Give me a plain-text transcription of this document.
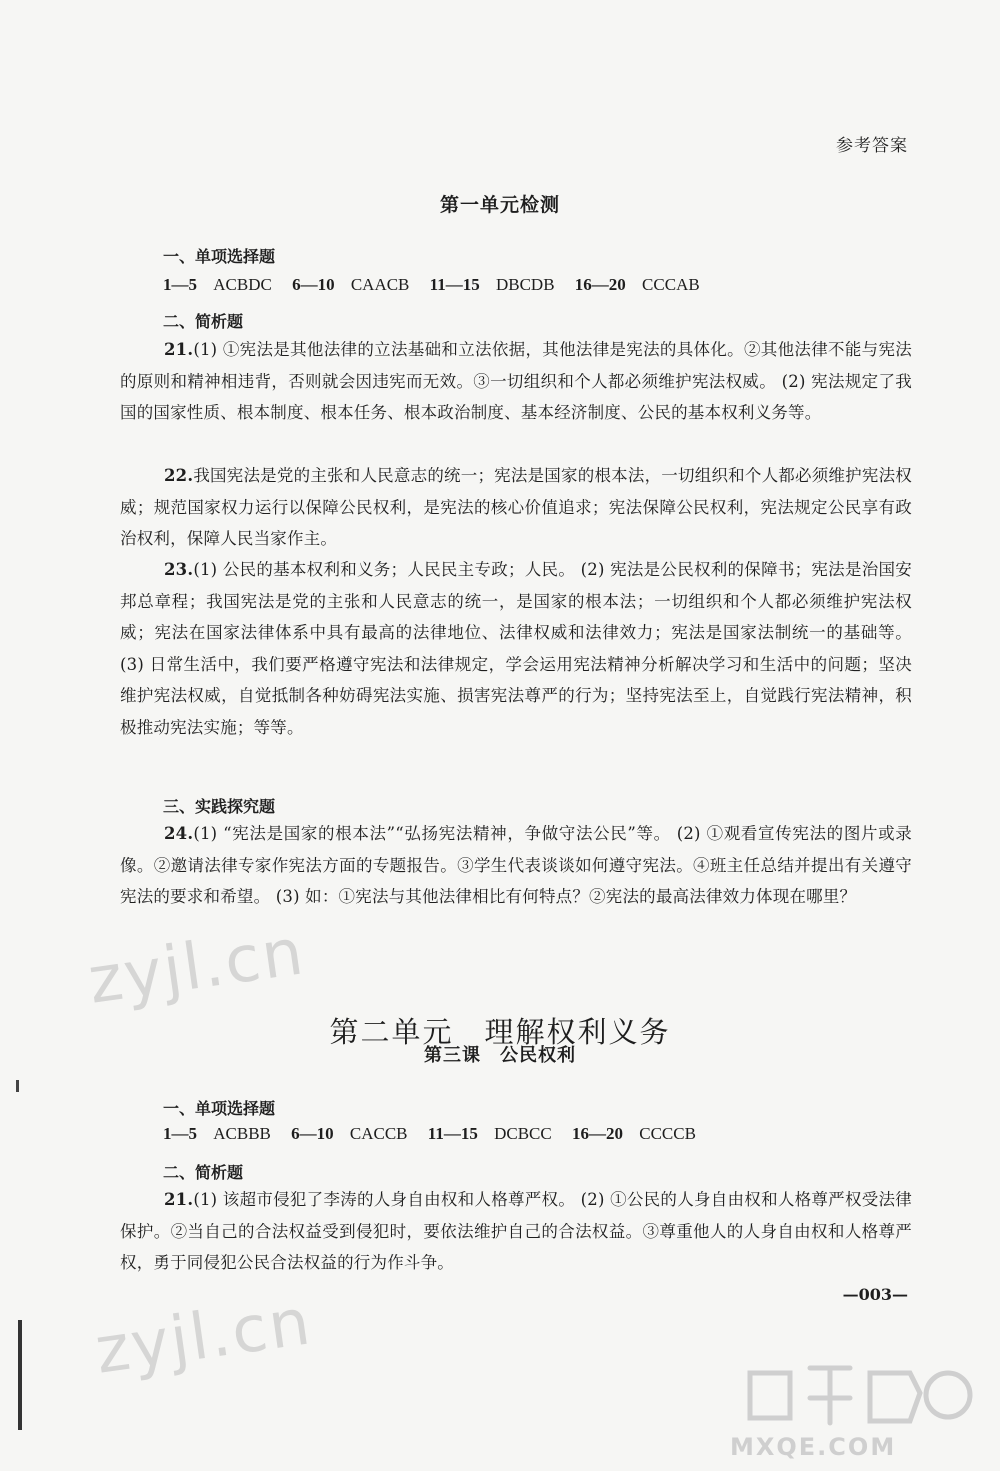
参考答案
第一单元检测
一、单项选择题
1—5 ACBDC 6—10 CAACB 11—15 DBCDB 16—20 CCCAB
二、简析题
21.(1) ①宪法是其他法律的立法基础和立法依据，其他法律是宪法的具体化。②其他法律不能与宪法的原则和精神相违背，否则就会因违宪而无效。③一切组织和个人都必须维护宪法权威。 (2) 宪法规定了我国的国家性质、根本制度、根本任务、根本政治制度、基本经济制度、公民的基本权利义务等。
22.我国宪法是党的主张和人民意志的统一；宪法是国家的根本法，一切组织和个人都必须维护宪法权威；规范国家权力运行以保障公民权利，是宪法的核心价值追求；宪法保障公民权利，宪法规定公民享有政治权利，保障人民当家作主。
23.(1) 公民的基本权利和义务；人民民主专政；人民。 (2) 宪法是公民权利的保障书；宪法是治国安邦总章程；我国宪法是党的主张和人民意志的统一，是国家的根本法；一切组织和个人都必须维护宪法权威；宪法在国家法律体系中具有最高的法律地位、法律权威和法律效力；宪法是国家法制统一的基础等。 (3) 日常生活中，我们要严格遵守宪法和法律规定，学会运用宪法精神分析解决学习和生活中的问题；坚决维护宪法权威，自觉抵制各种妨碍宪法实施、损害宪法尊严的行为；坚持宪法至上，自觉践行宪法精神，积极推动宪法实施；等等。
三、实践探究题
24.(1) “宪法是国家的根本法”“弘扬宪法精神，争做守法公民”等。 (2) ①观看宣传宪法的图片或录像。②邀请法律专家作宪法方面的专题报告。③学生代表谈谈如何遵守宪法。④班主任总结并提出有关遵守宪法的要求和希望。 (3) 如：①宪法与其他法律相比有何特点？②宪法的最高法律效力体现在哪里？
zyjl.cn
第二单元　理解权利义务
第三课　公民权利
一、单项选择题
1—5 ACBBB 6—10 CACCB 11—15 DCBCC 16—20 CCCCB
二、简析题
21.(1) 该超市侵犯了李涛的人身自由权和人格尊严权。 (2) ①公民的人身自由权和人格尊严权受法律保护。②当自己的合法权益受到侵犯时，要依法维护自己的合法权益。③尊重他人的人身自由权和人格尊严权，勇于同侵犯公民合法权益的行为作斗争。
—003—
zyjl.cn
MXQE.COM
